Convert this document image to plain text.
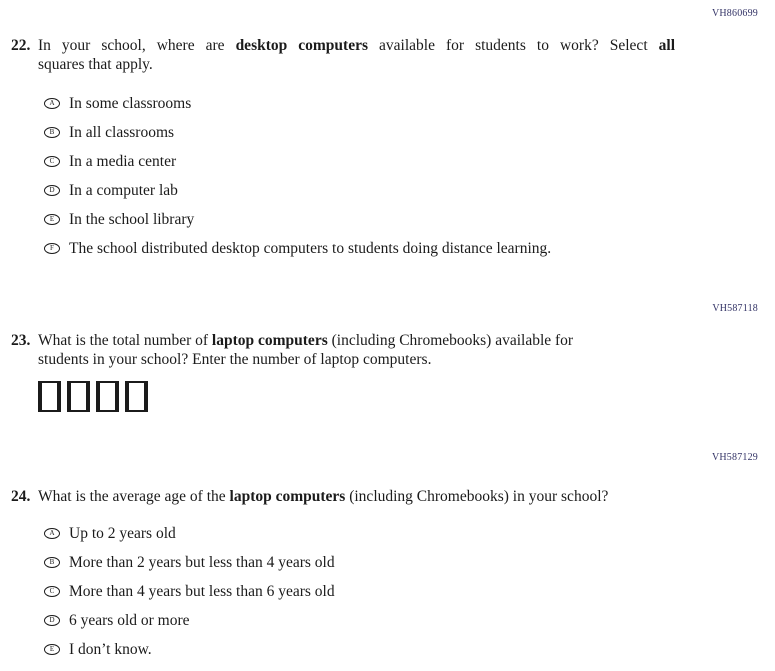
VH860699
22. In your school, where are desktop computers available for students to work? Select all
squares that apply.
A In some classrooms
B In all classrooms
C In a media center
D In a computer lab
E In the school library
F The school distributed desktop computers to students doing distance learning.
VH587118
23. What is the total number of laptop computers (including Chromebooks) available for
students in your school? Enter the number of laptop computers.
VH587129
24. What is the average age of the laptop computers (including Chromebooks) in your school?
A Up to 2 years old
B More than 2 years but less than 4 years old
C More than 4 years but less than 6 years old
D 6 years old or more
E I don’t know.
